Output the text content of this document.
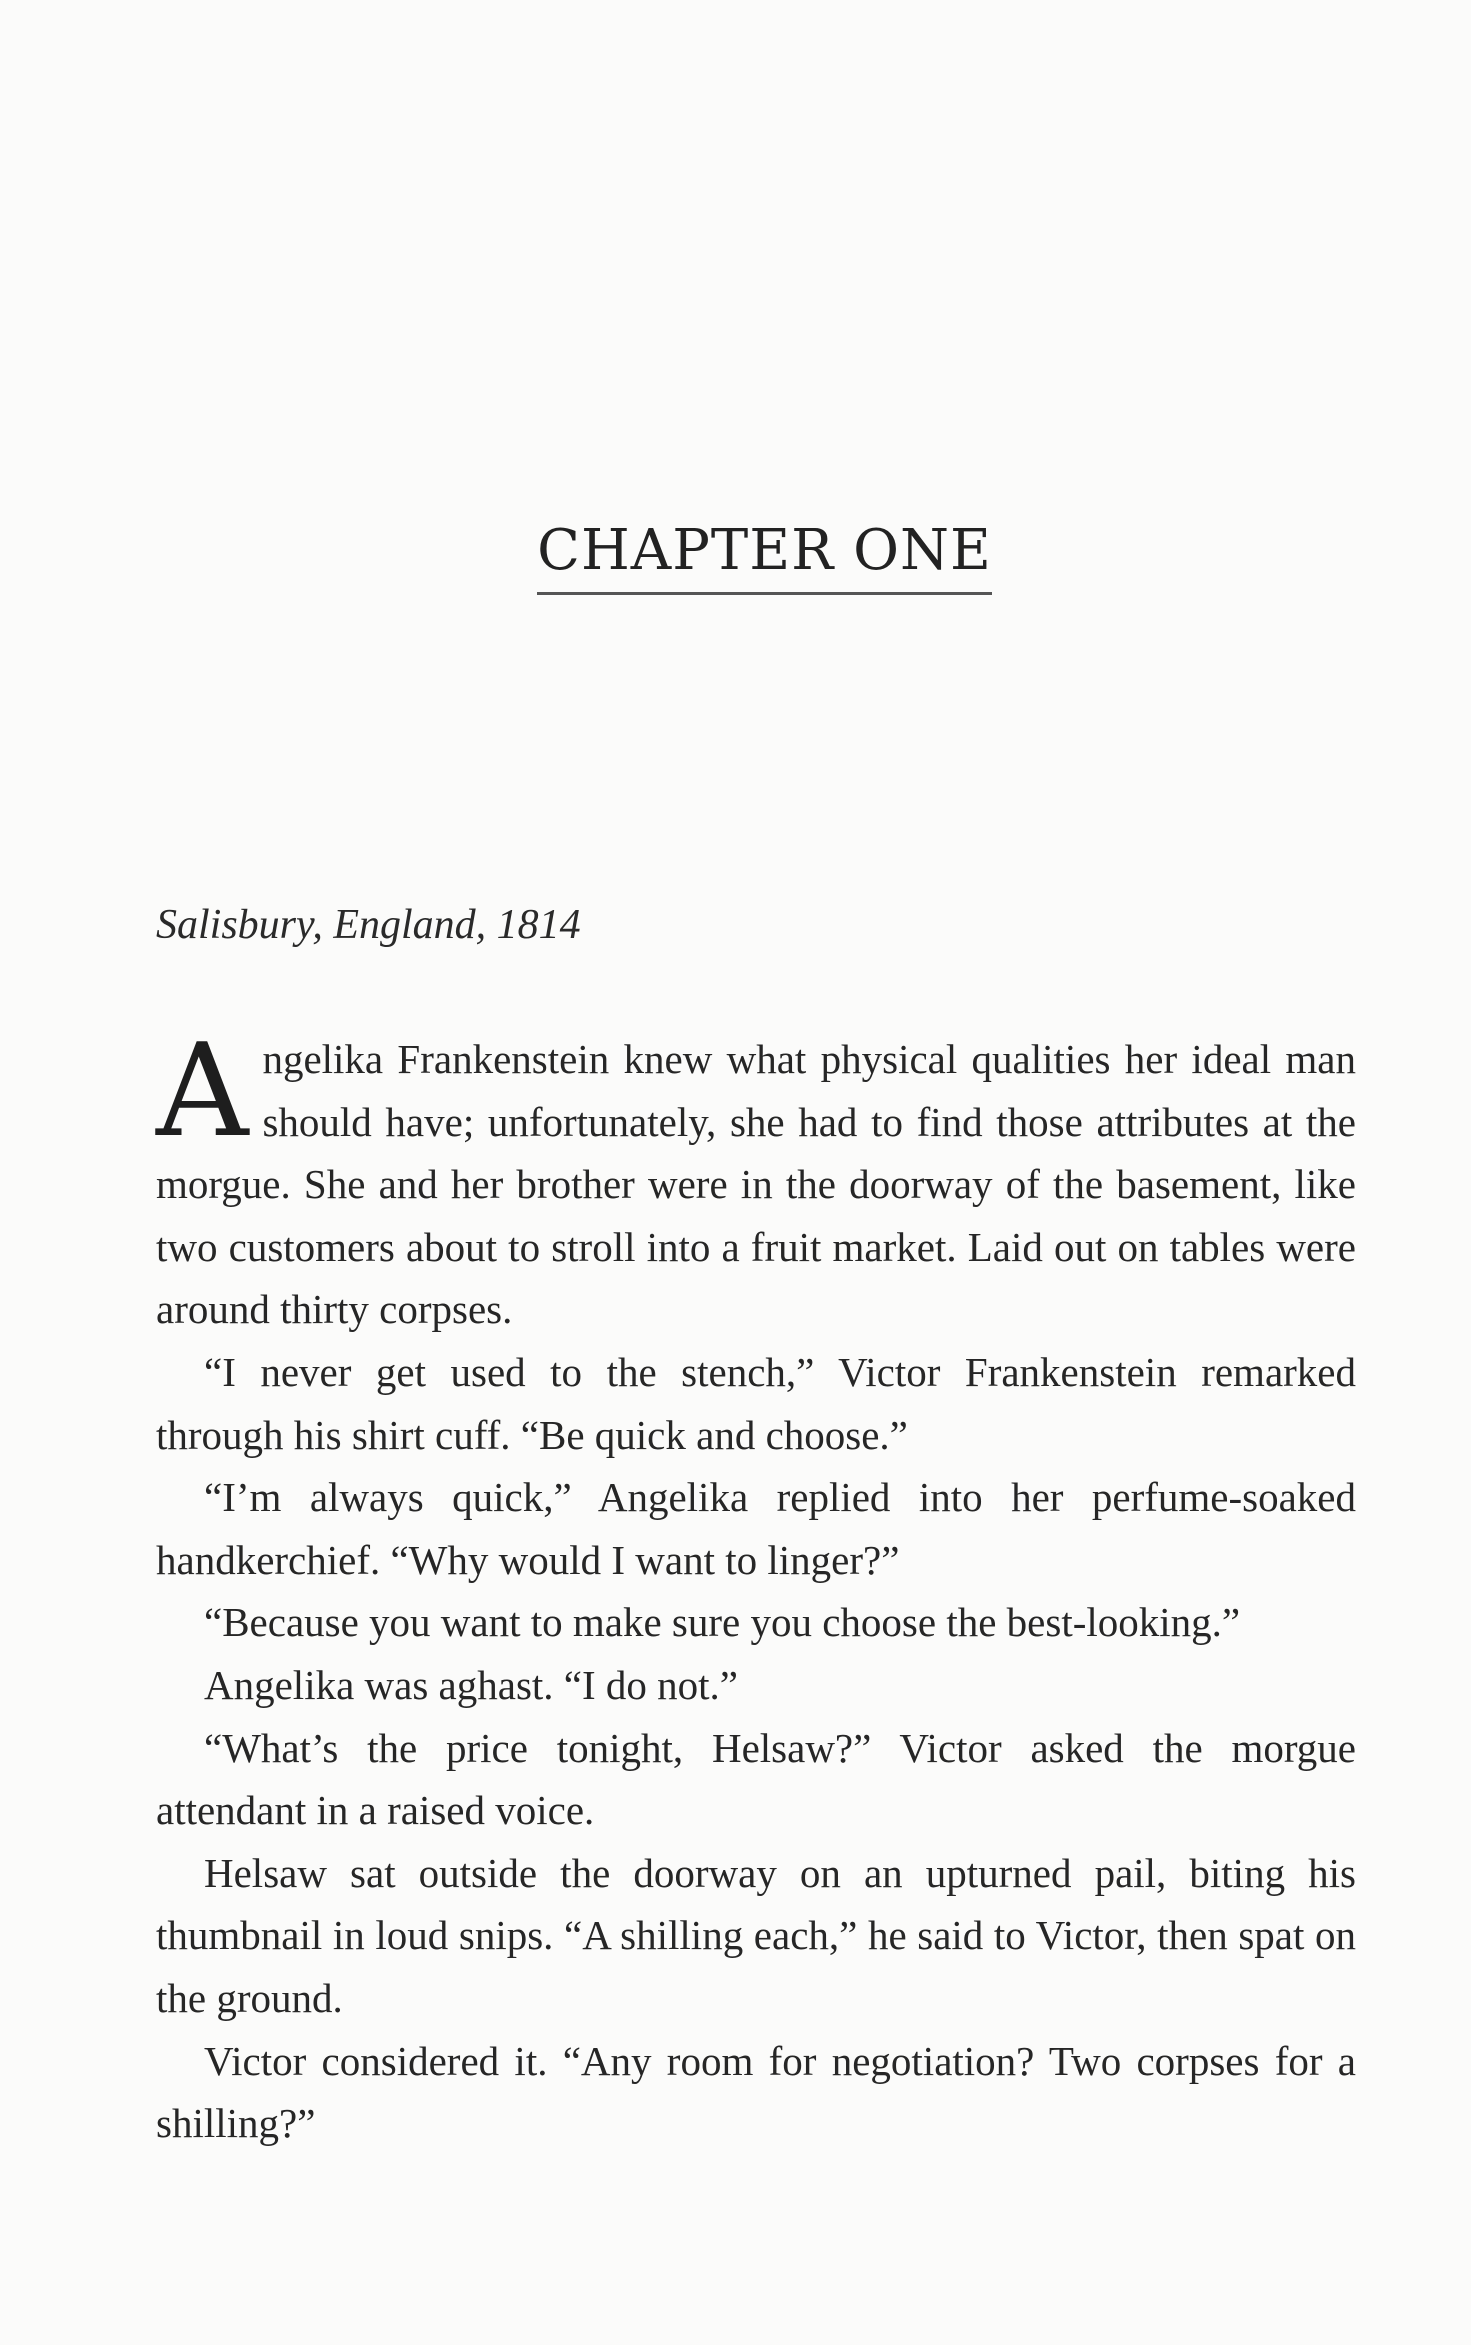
CHAPTER ONE
Salisbury, England, 1814

Angelika Frankenstein knew what physical qualities her ideal man should have; unfortunately, she had to find those attributes at the morgue. She and her brother were in the doorway of the basement, like two customers about to stroll into a fruit market. Laid out on tables were around thirty corpses.

“I never get used to the stench,” Victor Frankenstein remarked through his shirt cuff. “Be quick and choose.”

“I’m always quick,” Angelika replied into her perfume-soaked handkerchief. “Why would I want to linger?”

“Because you want to make sure you choose the best-looking.”

Angelika was aghast. “I do not.”

“What’s the price tonight, Helsaw?” Victor asked the morgue attendant in a raised voice.

Helsaw sat outside the doorway on an upturned pail, biting his thumbnail in loud snips. “A shilling each,” he said to Victor, then spat on the ground.

Victor considered it. “Any room for negotiation? Two corpses for a shilling?”
